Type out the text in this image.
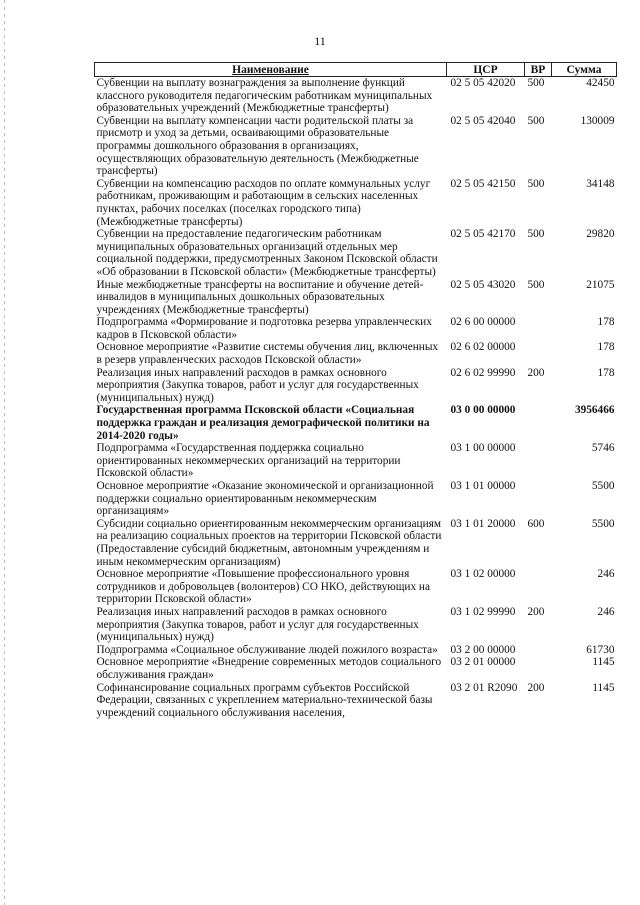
11
Наименование	ЦСР	ВР	Сумма
Субвенции на выплату вознаграждения за выполнение функций классного руководителя педагогическим работникам муниципальных образовательных учреждений (Межбюджетные трансферты)	02 5 05 42020	500	42450
Субвенции на выплату компенсации части родительской платы за присмотр и уход за детьми, осваивающими образовательные программы дошкольного образования в организациях, осуществляющих образовательную деятельность (Межбюджетные трансферты)	02 5 05 42040	500	130009
Субвенции на компенсацию расходов по оплате коммунальных услуг работникам, проживающим и работающим в сельских населенных пунктах, рабочих поселках (поселках городского типа) (Межбюджетные трансферты)	02 5 05 42150	500	34148
Субвенции на предоставление педагогическим работникам муниципальных образовательных организаций отдельных мер социальной поддержки, предусмотренных Законом Псковской области «Об образовании в Псковской области» (Межбюджетные трансферты)	02 5 05 42170	500	29820
Иные межбюджетные трансферты на воспитание и обучение детей-инвалидов в муниципальных дошкольных образовательных учреждениях (Межбюджетные трансферты)	02 5 05 43020	500	21075
Подпрограмма «Формирование и подготовка резерва управленческих кадров в Псковской области»	02 6 00 00000		178
Основное мероприятие «Развитие системы обучения лиц, включенных в резерв управленческих расходов Псковской области»	02 6 02 00000		178
Реализация иных направлений расходов в рамках основного мероприятия (Закупка товаров, работ и услуг для государственных (муниципальных) нужд)	02 6 02 99990	200	178
Государственная программа Псковской области «Социальная поддержка граждан и реализация демографической политики на 2014-2020 годы»	03 0 00 00000		3956466
Подпрограмма «Государственная поддержка социально ориентированных некоммерческих организаций на территории Псковской области»	03 1 00 00000		5746
Основное мероприятие «Оказание экономической и организационной поддержки социально ориентированным некоммерческим организациям»	03 1 01 00000		5500
Субсидии социально ориентированным некоммерческим организациям на реализацию социальных проектов на территории Псковской области (Предоставление субсидий бюджетным, автономным учреждениям и иным некоммерческим организациям)	03 1 01 20000	600	5500
Основное мероприятие «Повышение профессионального уровня сотрудников и добровольцев (волонтеров) СО НКО, действующих на территории Псковской области»	03 1 02 00000		246
Реализация иных направлений расходов в рамках основного мероприятия (Закупка товаров, работ и услуг для государственных (муниципальных) нужд)	03 1 02 99990	200	246
Подпрограмма «Социальное обслуживание людей пожилого возраста»	03 2 00 00000		61730
Основное мероприятие «Внедрение современных методов социального обслуживания граждан»	03 2 01 00000		1145
Софинансирование социальных программ субъектов Российской Федерации, связанных с укреплением материально-технической базы учреждений социального обслуживания населения,	03 2 01 R2090	200	1145
